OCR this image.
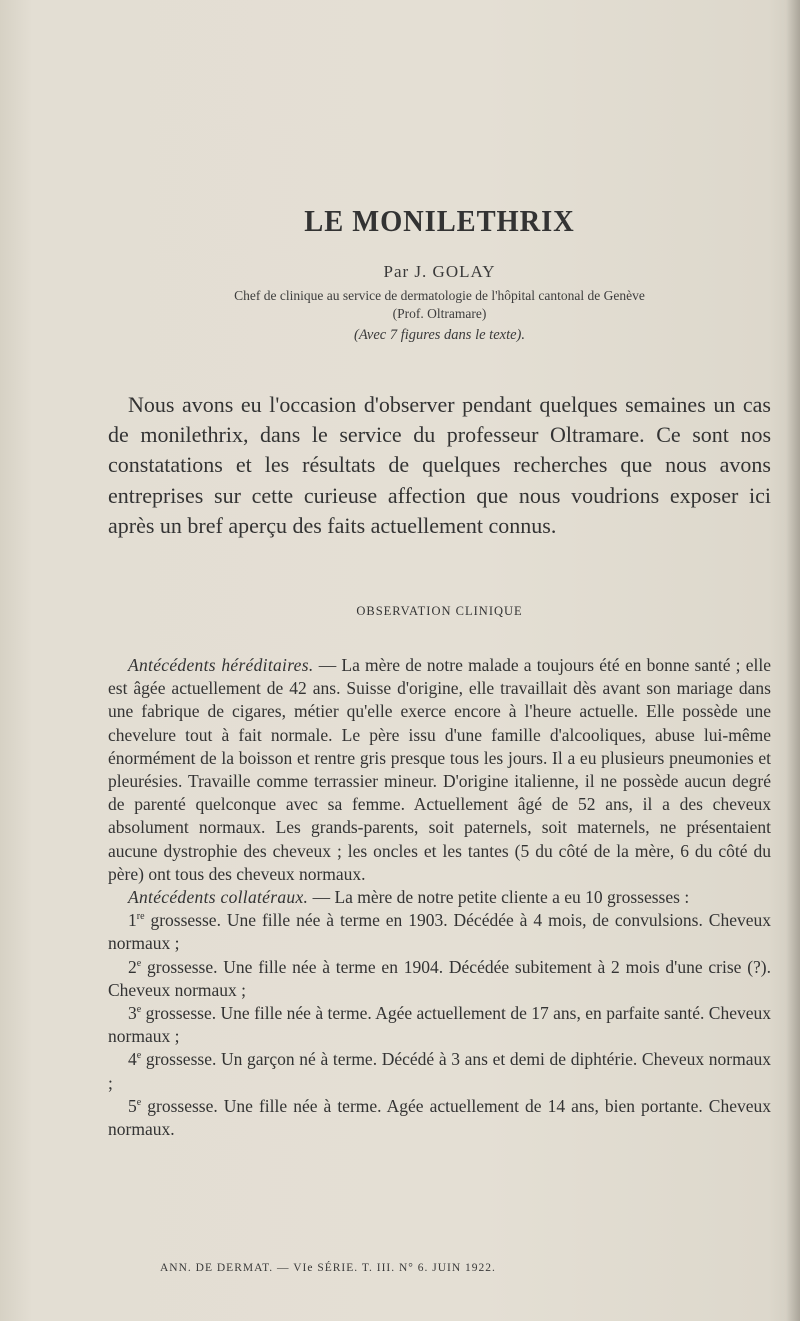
LE MONILETHRIX
Par J. GOLAY
Chef de clinique au service de dermatologie de l'hôpital cantonal de Genève
(Prof. Oltramare)
(Avec 7 figures dans le texte).

Nous avons eu l'occasion d'observer pendant quelques semaines un cas de monilethrix, dans le service du professeur Oltramare. Ce sont nos constatations et les résultats de quelques recherches que nous avons entreprises sur cette curieuse affection que nous voudrions exposer ici après un bref aperçu des faits actuellement connus.

OBSERVATION CLINIQUE

Antécédents héréditaires. — La mère de notre malade a toujours été en bonne santé ; elle est âgée actuellement de 42 ans. Suisse d'origine, elle travaillait dès avant son mariage dans une fabrique de cigares, métier qu'elle exerce encore à l'heure actuelle. Elle possède une chevelure tout à fait normale. Le père issu d'une famille d'alcooliques, abuse lui-même énormément de la boisson et rentre gris presque tous les jours. Il a eu plusieurs pneumonies et pleurésies. Travaille comme terrassier mineur. D'origine italienne, il ne possède aucun degré de parenté quelconque avec sa femme. Actuellement âgé de 52 ans, il a des cheveux absolument normaux. Les grands-parents, soit paternels, soit maternels, ne présentaient aucune dystrophie des cheveux ; les oncles et les tantes (5 du côté de la mère, 6 du côté du père) ont tous des cheveux normaux.

Antécédents collatéraux. — La mère de notre petite cliente a eu 10 grossesses :

1re grossesse. Une fille née à terme en 1903. Décédée à 4 mois, de convulsions. Cheveux normaux ;

2e grossesse. Une fille née à terme en 1904. Décédée subitement à 2 mois d'une crise (?). Cheveux normaux ;

3e grossesse. Une fille née à terme. Agée actuellement de 17 ans, en parfaite santé. Cheveux normaux ;

4e grossesse. Un garçon né à terme. Décédé à 3 ans et demi de diphtérie. Cheveux normaux ;

5e grossesse. Une fille née à terme. Agée actuellement de 14 ans, bien portante. Cheveux normaux.

ANN. DE DERMAT. — VIe SÉRIE. T. III. N° 6. JUIN 1922.
